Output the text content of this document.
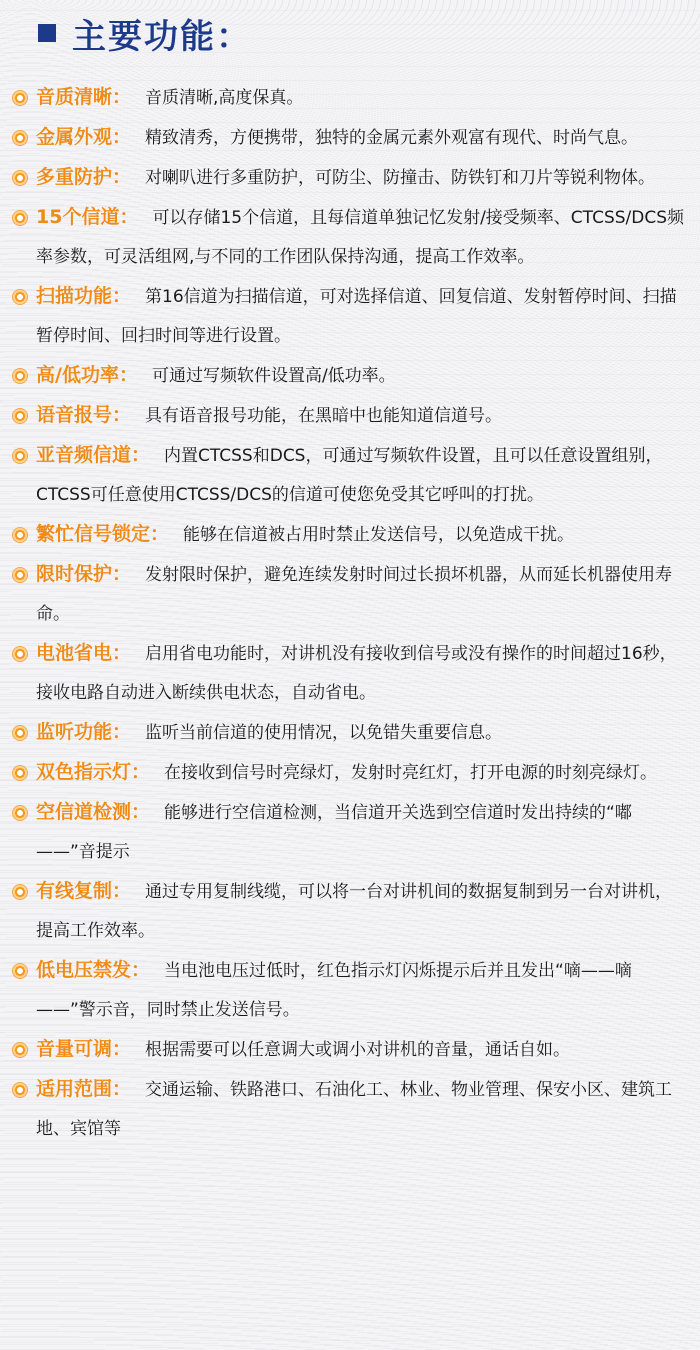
主要功能：
音质清晰： 音质清晰,高度保真。
金属外观： 精致清秀，方便携带，独特的金属元素外观富有现代、时尚气息。
多重防护： 对喇叭进行多重防护，可防尘、防撞击、防铁钉和刀片等锐利物体。
15个信道： 可以存储15个信道，且每信道单独记忆发射/接受频率、CTCSS/DCS频率参数，可灵活组网,与不同的工作团队保持沟通，提高工作效率。
扫描功能： 第16信道为扫描信道，可对选择信道、回复信道、发射暂停时间、扫描暂停时间、回扫时间等进行设置。
高/低功率： 可通过写频软件设置高/低功率。
语音报号： 具有语音报号功能，在黑暗中也能知道信道号。
亚音频信道： 内置CTCSS和DCS，可通过写频软件设置，且可以任意设置组别，CTCSS可任意使用CTCSS/DCS的信道可使您免受其它呼叫的打扰。
繁忙信号锁定： 能够在信道被占用时禁止发送信号，以免造成干扰。
限时保护： 发射限时保护，避免连续发射时间过长损坏机器，从而延长机器使用寿命。
电池省电： 启用省电功能时，对讲机没有接收到信号或没有操作的时间超过16秒，接收电路自动进入断续供电状态，自动省电。
监听功能： 监听当前信道的使用情况，以免错失重要信息。
双色指示灯： 在接收到信号时亮绿灯，发射时亮红灯，打开电源的时刻亮绿灯。
空信道检测： 能够进行空信道检测，当信道开关选到空信道时发出持续的“嘟——”音提示
有线复制： 通过专用复制线缆，可以将一台对讲机间的数据复制到另一台对讲机，提高工作效率。
低电压禁发： 当电池电压过低时，红色指示灯闪烁提示后并且发出“嘀——嘀——”警示音，同时禁止发送信号。
音量可调： 根据需要可以任意调大或调小对讲机的音量，通话自如。
适用范围： 交通运输、铁路港口、石油化工、林业、物业管理、保安小区、建筑工地、宾馆等
